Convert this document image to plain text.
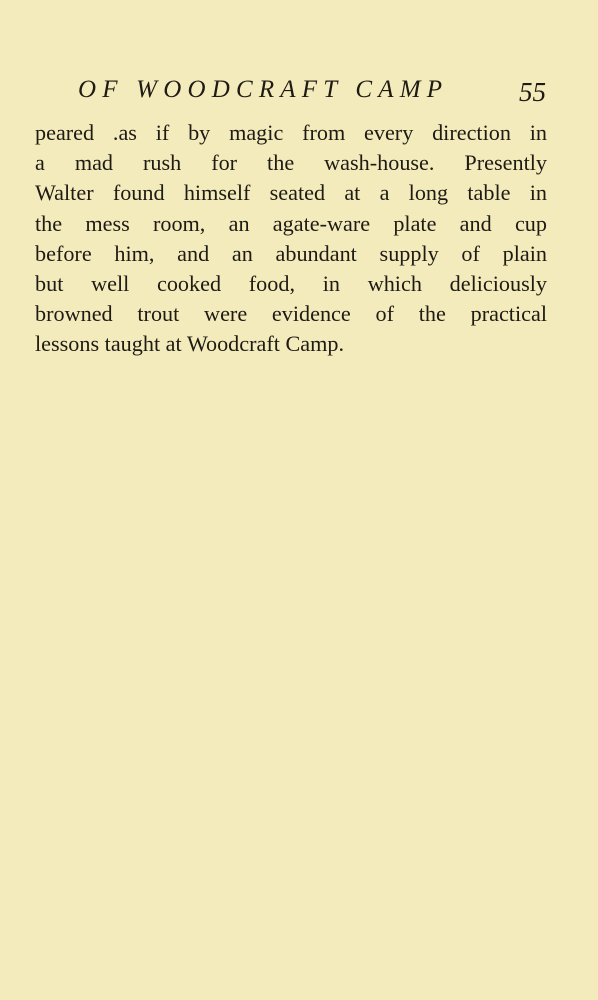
OF WOODCRAFT CAMP	55

peared .as if by magic from every direction in
a mad rush for the wash-house. Presently
Walter found himself seated at a long table in
the mess room, an agate-ware plate and cup
before him, and an abundant supply of plain
but well cooked food, in which deliciously
browned trout were evidence of the practical
lessons taught at Woodcraft Camp.
